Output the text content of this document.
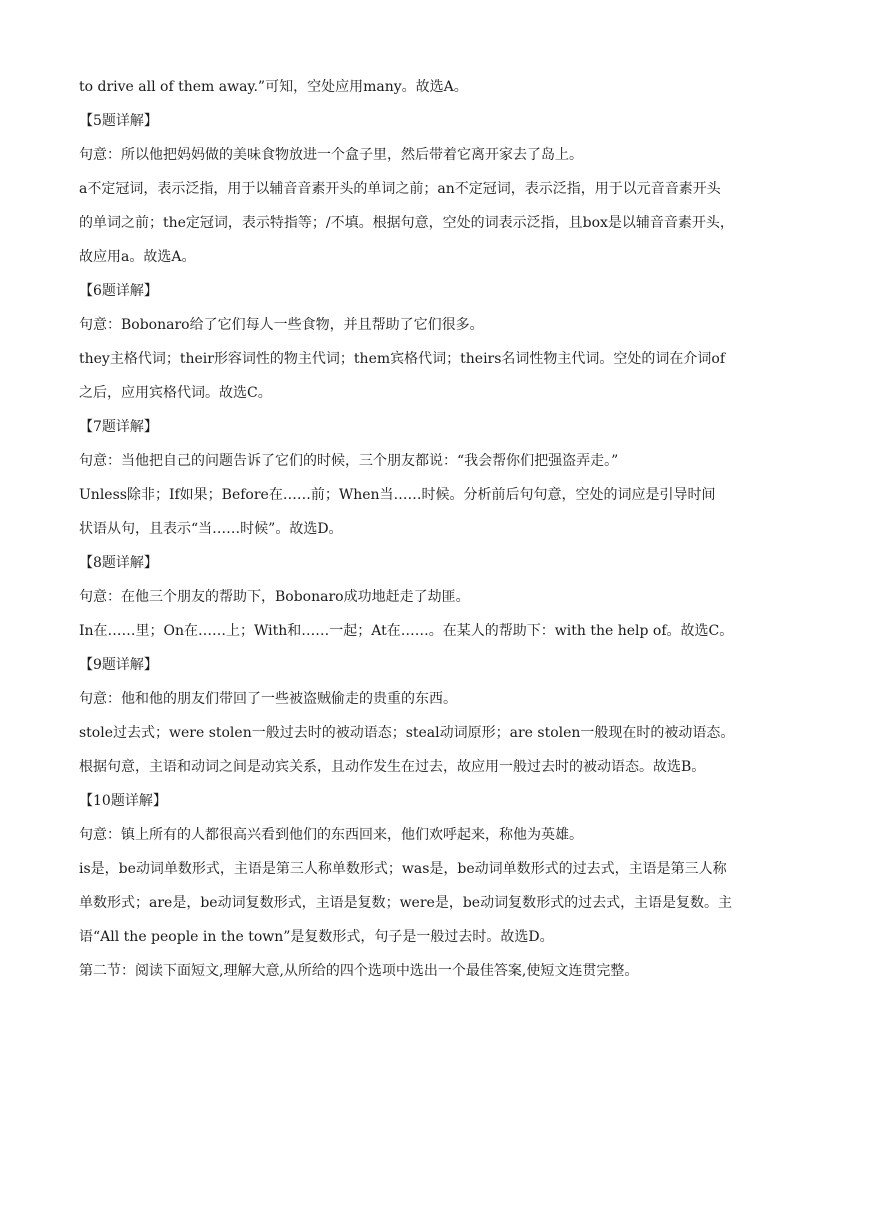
to drive all of them away.”可知，空处应用many。故选A。
【5题详解】
句意：所以他把妈妈做的美味食物放进一个盒子里，然后带着它离开家去了岛上。
a不定冠词，表示泛指，用于以辅音音素开头的单词之前；an不定冠词，表示泛指，用于以元音音素开头
的单词之前；the定冠词，表示特指等；/不填。根据句意，空处的词表示泛指，且box是以辅音音素开头，
故应用a。故选A。
【6题详解】
句意：Bobonaro给了它们每人一些食物，并且帮助了它们很多。
they主格代词；their形容词性的物主代词；them宾格代词；theirs名词性物主代词。空处的词在介词of
之后，应用宾格代词。故选C。
【7题详解】
句意：当他把自己的问题告诉了它们的时候，三个朋友都说：“我会帮你们把强盗弄走。”
Unless除非；If如果；Before在……前；When当……时候。分析前后句句意，空处的词应是引导时间
状语从句，且表示“当……时候”。故选D。
【8题详解】
句意：在他三个朋友的帮助下，Bobonaro成功地赶走了劫匪。
In在……里；On在……上；With和……一起；At在……。在某人的帮助下：with the help of。故选C。
【9题详解】
句意：他和他的朋友们带回了一些被盗贼偷走的贵重的东西。
stole过去式；were stolen一般过去时的被动语态；steal动词原形；are stolen一般现在时的被动语态。
根据句意，主语和动词之间是动宾关系，且动作发生在过去，故应用一般过去时的被动语态。故选B。
【10题详解】
句意：镇上所有的人都很高兴看到他们的东西回来，他们欢呼起来，称他为英雄。
is是，be动词单数形式，主语是第三人称单数形式；was是，be动词单数形式的过去式，主语是第三人称
单数形式；are是，be动词复数形式，主语是复数；were是，be动词复数形式的过去式，主语是复数。主
语“All the people in the town”是复数形式，句子是一般过去时。故选D。
第二节：阅读下面短文,理解大意,从所给的四个选项中选出一个最佳答案,使短文连贯完整。
